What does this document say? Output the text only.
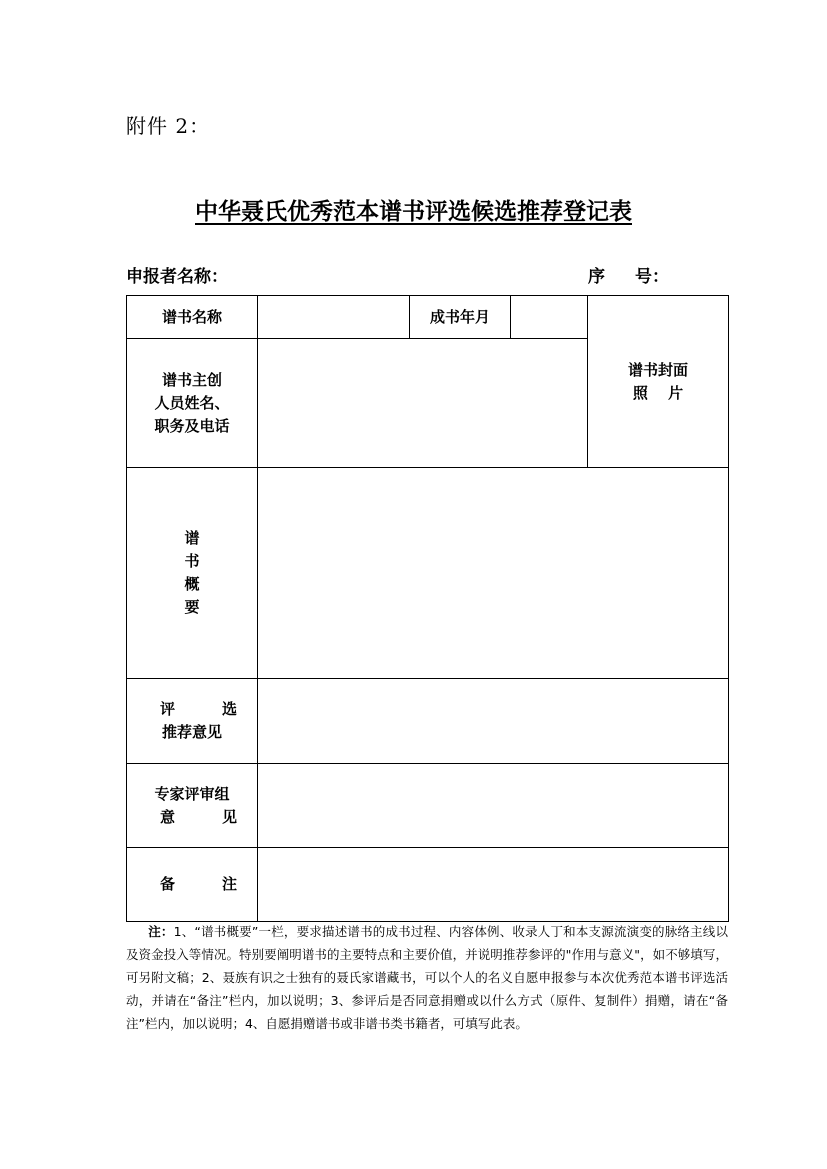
附件 2：
中华聂氏优秀范本谱书评选候选推荐登记表
申报者名称：	序 号：
谱书名称		成书年月		谱书封面
照　 片

谱书主创
人员姓名、
职务及电话				

谱
书
概
要				

评 选
推荐意见				

专家评审组
意 见				

备 注				

注：1、“谱书概要”一栏，要求描述谱书的成书过程、内容体例、收录人丁和本支源流演变的脉络主线以及资金投入等情况。特别要阐明谱书的主要特点和主要价值，并说明推荐参评的"作用与意义"，如不够填写，可另附文稿；2、聂族有识之士独有的聂氏家谱藏书，可以个人的名义自愿申报参与本次优秀范本谱书评选活动，并请在“备注”栏内，加以说明；3、参评后是否同意捐赠或以什么方式（原件、复制件）捐赠，请在“备注”栏内，加以说明；4、自愿捐赠谱书或非谱书类书籍者，可填写此表。
